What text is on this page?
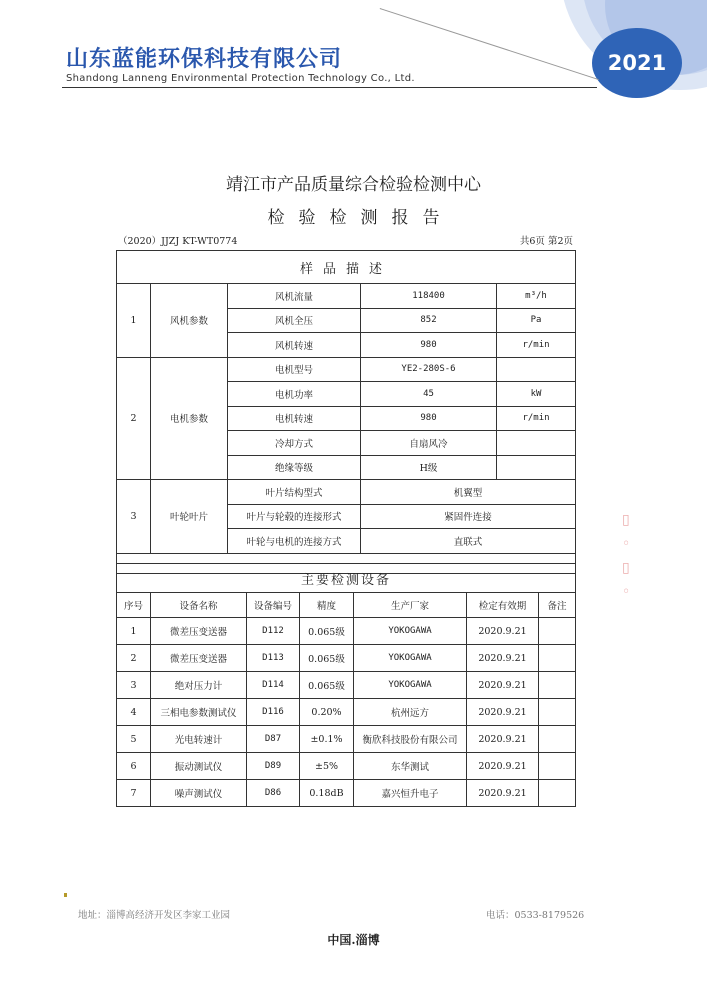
2021
山东蓝能环保科技有限公司
Shandong Lanneng Environmental Protection Technology Co., Ltd.
靖江市产品质量综合检验检测中心
检验检测报告
（2020）JJZJ KT-WT0774	共6页 第2页
样品描述				
1	风机参数	风机流量	118400	m³/h
		风机全压	852	Pa
		风机转速	980	r/min
2	电机参数	电机型号	YE2-280S-6	
		电机功率	45	kW
		电机转速	980	r/min
		冷却方式	自扇风冷	
		绝缘等级	H级	
3	叶轮叶片	叶片结构型式	机翼型	
		叶片与轮毂的连接形式	紧固件连接	
		叶轮与电机的连接方式	直联式	

主要检测设备						
序号	设备名称	设备编号	精度	生产厂家	检定有效期	备注
1	微差压变送器	D112	0.065级	YOKOGAWA	2020.9.21	
2	微差压变送器	D113	0.065级	YOKOGAWA	2020.9.21	
3	绝对压力计	D114	0.065级	YOKOGAWA	2020.9.21	
4	三相电参数测试仪	D116	0.20%	杭州远方	2020.9.21	
5	光电转速计	D87	±0.1%	衡欣科技股份有限公司	2020.9.21	
6	振动测试仪	D89	±5%	东华测试	2020.9.21	
7	噪声测试仪	D86	0.18dB	嘉兴恒升电子	2020.9.21	
▯
◦
▯
◦
地址：淄博高经济开发区李家工业园	电话：0533-8179526
中国.淄博
